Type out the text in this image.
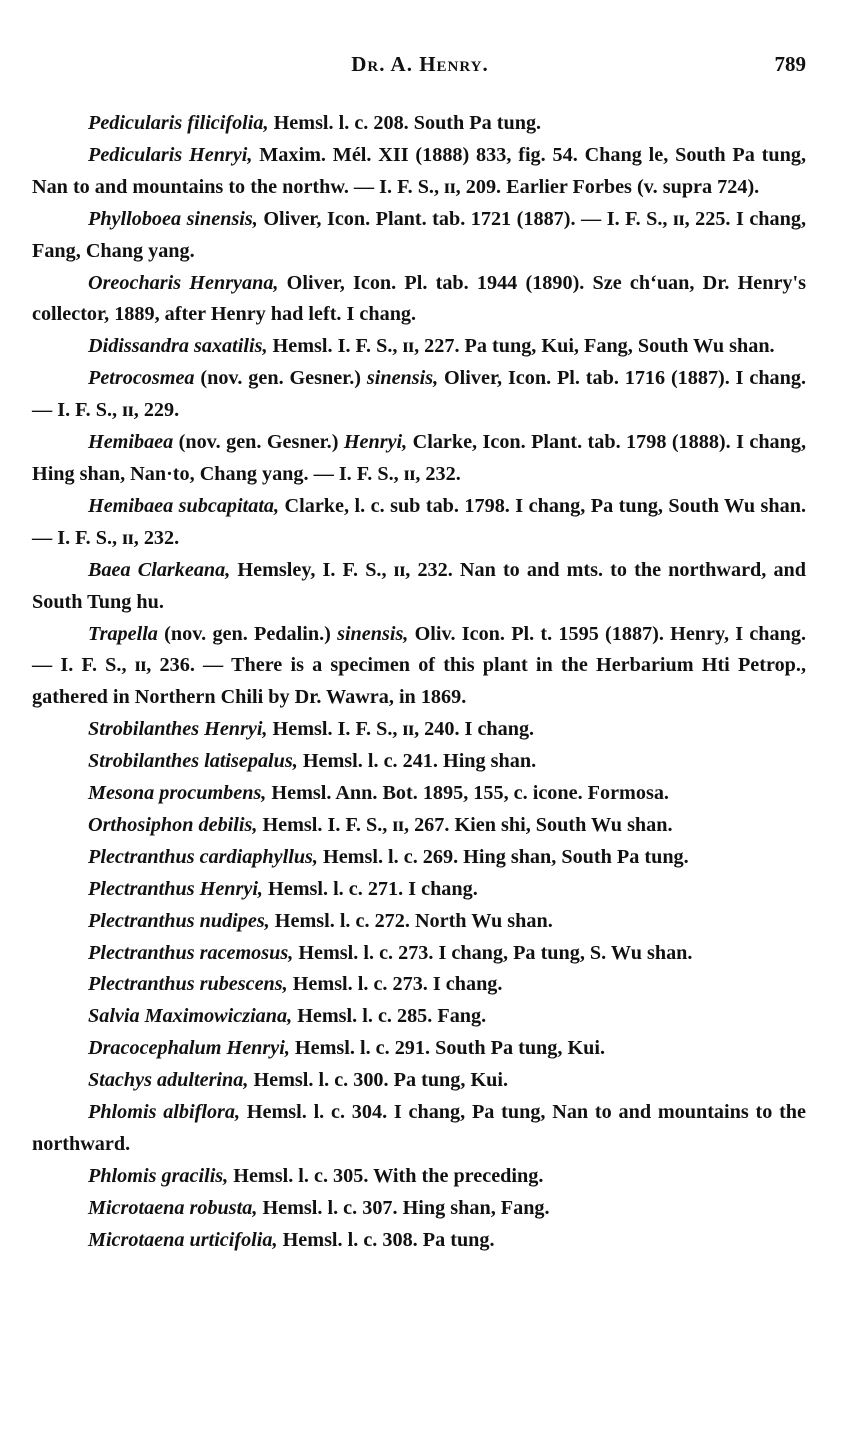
Dr. A. Henry.	789

Pedicularis filicifolia, Hemsl. l. c. 208. South Pa tung.

Pedicularis Henryi, Maxim. Mél. XII (1888) 833, fig. 54. Chang le, South Pa tung, Nan to and mountains to the northw. — I. F. S., ɪɪ, 209. Earlier Forbes (v. supra 724).

Phylloboea sinensis, Oliver, Icon. Plant. tab. 1721 (1887). — I. F. S., ɪɪ, 225. I chang, Fang, Chang yang.

Oreocharis Henryana, Oliver, Icon. Pl. tab. 1944 (1890). Sze ch‘uan, Dr. Henry's collector, 1889, after Henry had left. I chang.

Didissandra saxatilis, Hemsl. I. F. S., ɪɪ, 227. Pa tung, Kui, Fang, South Wu shan.

Petrocosmea (nov. gen. Gesner.) sinensis, Oliver, Icon. Pl. tab. 1716 (1887). I chang. — I. F. S., ɪɪ, 229.

Hemibaea (nov. gen. Gesner.) Henryi, Clarke, Icon. Plant. tab. 1798 (1888). I chang, Hing shan, Nan·to, Chang yang. — I. F. S., ɪɪ, 232.

Hemibaea subcapitata, Clarke, l. c. sub tab. 1798. I chang, Pa tung, South Wu shan. — I. F. S., ɪɪ, 232.

Baea Clarkeana, Hemsley, I. F. S., ɪɪ, 232. Nan to and mts. to the northward, and South Tung hu.

Trapella (nov. gen. Pedalin.) sinensis, Oliv. Icon. Pl. t. 1595 (1887). Henry, I chang. — I. F. S., ɪɪ, 236. — There is a specimen of this plant in the Herbarium Hti Petrop., gathered in Northern Chili by Dr. Wawra, in 1869.

Strobilanthes Henryi, Hemsl. I. F. S., ɪɪ, 240. I chang.

Strobilanthes latisepalus, Hemsl. l. c. 241. Hing shan.

Mesona procumbens, Hemsl. Ann. Bot. 1895, 155, c. icone. Formosa.

Orthosiphon debilis, Hemsl. I. F. S., ɪɪ, 267. Kien shi, South Wu shan.

Plectranthus cardiaphyllus, Hemsl. l. c. 269. Hing shan, South Pa tung.

Plectranthus Henryi, Hemsl. l. c. 271. I chang.

Plectranthus nudipes, Hemsl. l. c. 272. North Wu shan.

Plectranthus racemosus, Hemsl. l. c. 273. I chang, Pa tung, S. Wu shan.

Plectranthus rubescens, Hemsl. l. c. 273. I chang.

Salvia Maximowicziana, Hemsl. l. c. 285. Fang.

Dracocephalum Henryi, Hemsl. l. c. 291. South Pa tung, Kui.

Stachys adulterina, Hemsl. l. c. 300. Pa tung, Kui.

Phlomis albiflora, Hemsl. l. c. 304. I chang, Pa tung, Nan to and mountains to the northward.

Phlomis gracilis, Hemsl. l. c. 305. With the preceding.

Microtaena robusta, Hemsl. l. c. 307. Hing shan, Fang.

Microtaena urticifolia, Hemsl. l. c. 308. Pa tung.
